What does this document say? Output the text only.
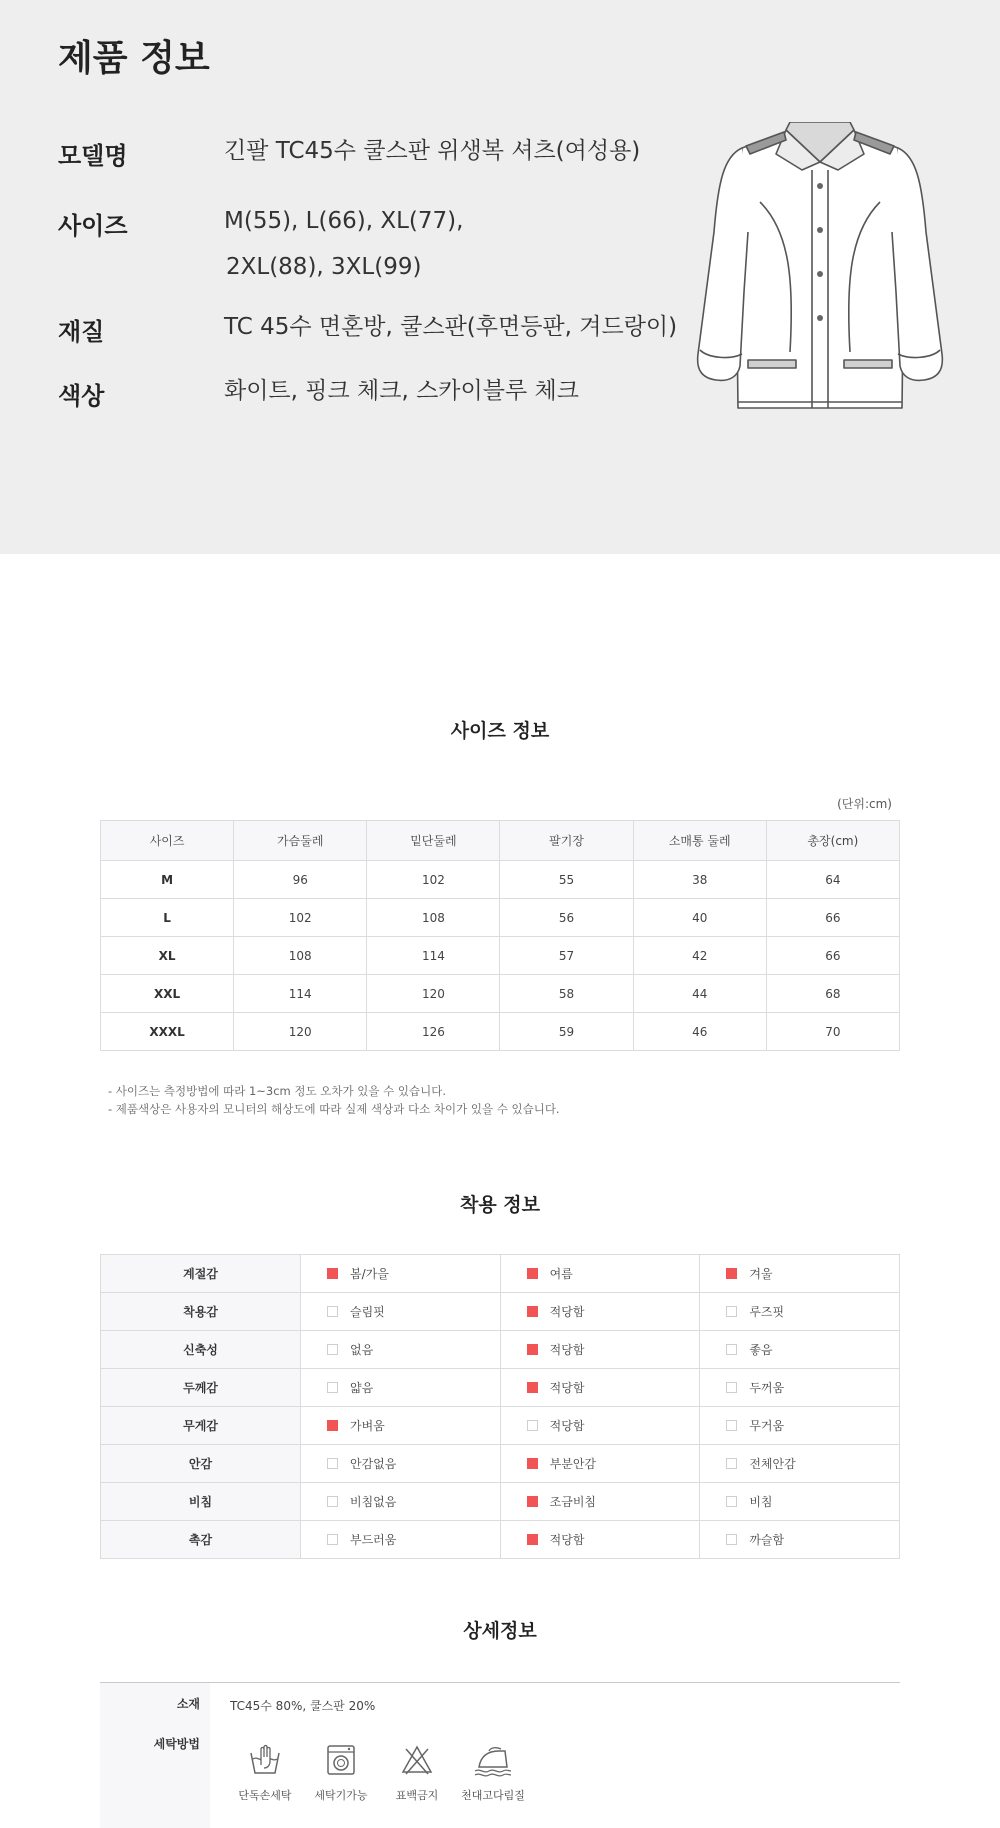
제품 정보
모델명	긴팔 TC45수 쿨스판 위생복 셔츠(여성용)
사이즈	M(55), L(66), XL(77),
2XL(88), 3XL(99)
재질	TC 45수 면혼방, 쿨스판(후면등판, 겨드랑이)
색상	화이트, 핑크 체크, 스카이블루 체크
사이즈 정보
(단위:cm)
사이즈	가슴둘레	밑단둘레	팔기장	소매통 둘레	총장(cm)
M	96	102	55	38	64
L	102	108	56	40	66
XL	108	114	57	42	66
XXL	114	120	58	44	68
XXXL	120	126	59	46	70
- 사이즈는 측정방법에 따라 1~3cm 정도 오차가 있을 수 있습니다.
- 제품색상은 사용자의 모니터의 해상도에 따라 실제 색상과 다소 차이가 있을 수 있습니다.
착용 정보
계절감	봄/가을	여름	겨울
착용감	슬림핏	적당함	루즈핏
신축성	없음	적당함	좋음
두께감	얇음	적당함	두꺼움
무게감	가벼움	적당함	무거움
안감	안감없음	부분안감	전체안감
비침	비침없음	조금비침	비침
촉감	부드러움	적당함	까슬함
상세정보
소재	TC45수 80%, 쿨스판 20%
세탁방법
단독손세탁	세탁기가능	표백금지	천대고다림질
